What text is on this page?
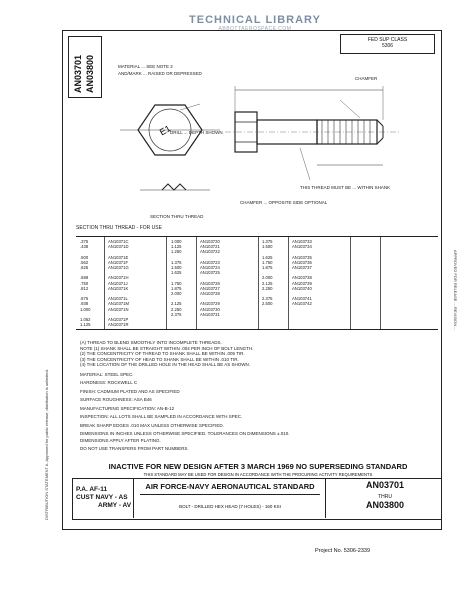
TECHNICAL LIBRARY
ABBOTTAEROSPACE.COM
DISTRIBUTION STATEMENT A. Approved for public release; distribution is unlimited.
APPROVED FOR RELEASE ... REVISION ...
AN03701 AN03800
FED SUP CLASS
5306
E1
MATERIAL ... SEE NOTE 2
AND/MARK ... RAISED OR DEPRESSED
DRILL ... DEPTH SHOWN
CHAMFER
THIS THREAD MUST BE ... WITHIN SHANK
CHAMFER ... OPPOSITE SIDE OPTIONAL
SECTION THRU THREAD
SECTION THRU THREAD - FOR USE
.375
.438

.500
.562
.625

.688
.750
.812

.875
.938
1.000

1.062
1.125
AN10371C
AN10371D

AN10371E
AN10371F
AN10371G

AN10371H
AN10371J
AN10371K

AN10371L
AN10371M
AN10371N

AN10371P
AN10371R
1.000
1.125
1.250

1.375
1.500
1.625

1.750
1.875
2.000

2.125
2.250
2.375
AN103720
AN103721
AN103722

AN103723
AN103724
AN103725

AN103726
AN103727
AN103728

AN103729
AN103730
AN103731
1.375
1.500

1.625
1.750
1.875

2.000
2.125
2.250

2.375
2.500
AN103733
AN103734

AN103735
AN103736
AN103737

AN103738
AN103739
AN103740

AN103741
AN103742
(A) THREAD TO BLEND SMOOTHLY INTO INCOMPLETE THREADS.
NOTE (1) SHANK SHALL BE STRAIGHT WITHIN .004 PER INCH OF BOLT LENGTH.
(2) THE CONCENTRICITY OF THREAD TO SHANK SHALL BE WITHIN .005 TIR.
(3) THE CONCENTRICITY OF HEAD TO SHANK SHALL BE WITHIN .010 TIR.
(4) THE LOCATION OF THE DRILLED HOLE IN THE HEAD SHALL BE AS SHOWN.
MATERIAL: STEEL SPEC.
HARDNESS: ROCKWELL C
FINISH: CADMIUM PLATED AND AS SPECIFIED
SURFACE ROUGHNESS: ASA B46
MANUFACTURING SPECIFICATION: AN-B-12
INSPECTION: ALL LOTS SHALL BE SAMPLED IN ACCORDANCE WITH SPEC.
BREAK SHARP EDGES .010 MAX UNLESS OTHERWISE SPECIFIED.
DIMENSIONS IN INCHES UNLESS OTHERWISE SPECIFIED. TOLERANCES ON DIMENSIONS ±.010.
DIMENSIONS APPLY AFTER PLATING.
DO NOT USE TRANSFERS FROM PART NUMBERS.
INACTIVE FOR NEW DESIGN AFTER 3 MARCH 1969 NO SUPERSEDING STANDARD
THIS STANDARD MAY BE USED FOR DESIGN IN ACCORDANCE WITH THE PROCURING ACTIVITY REQUIREMENTS
P.A. AF-11
CUST NAVY - AS
ARMY - AV
AIR FORCE-NAVY AERONAUTICAL STANDARD
BOLT - DRILLED HEX HEAD (7 HOLES) - 160 KSI
AN03701
THRU
AN03800
Project No. 5306-2339
